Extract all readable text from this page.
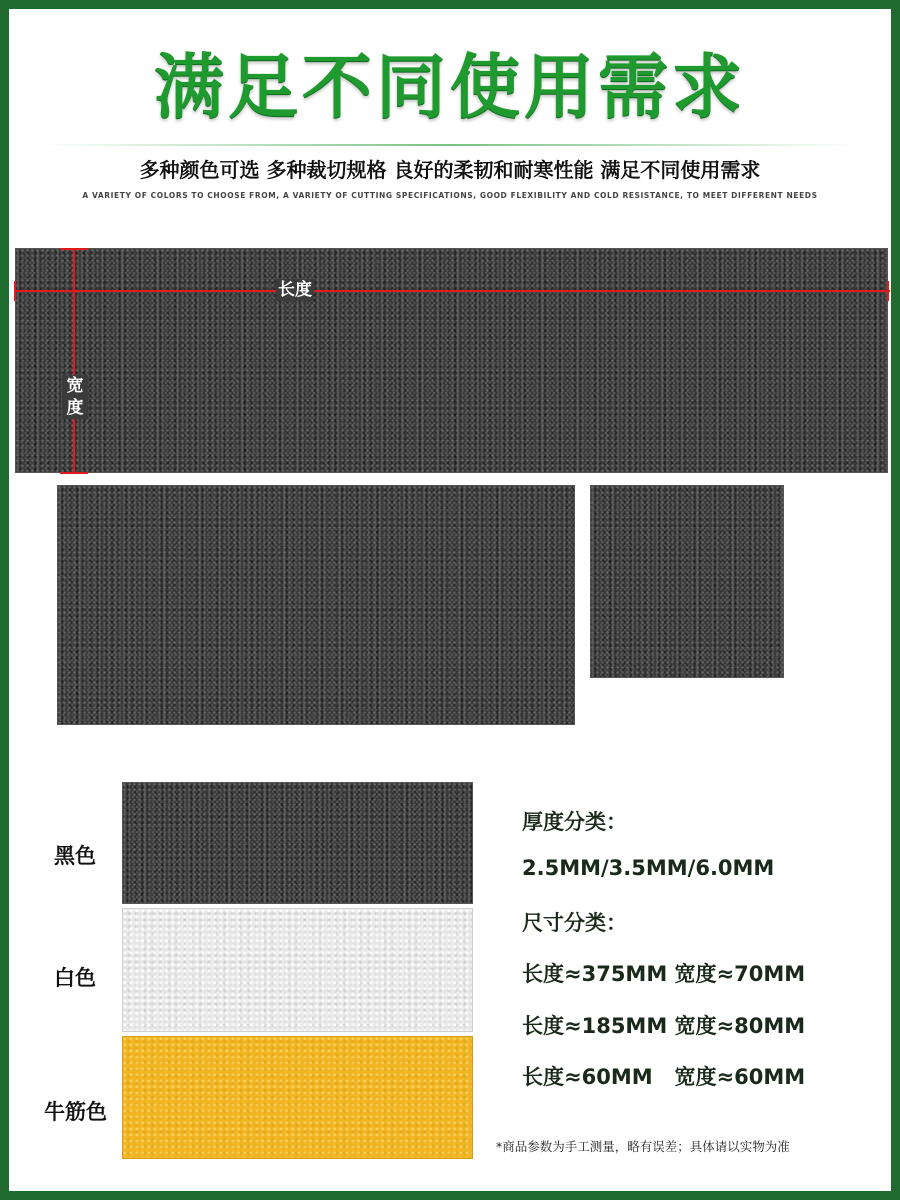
满足不同使用需求
多种颜色可选 多种裁切规格 良好的柔韧和耐寒性能 满足不同使用需求
A VARIETY OF COLORS TO CHOOSE FROM, A VARIETY OF CUTTING SPECIFICATIONS, GOOD FLEXIBILITY AND COLD RESISTANCE, TO MEET DIFFERENT NEEDS
长度
宽度
黑色
白色
牛筋色
厚度分类：
2.5MM/3.5MM/6.0MM
尺寸分类：
长度≈375MM 宽度≈70MM
长度≈185MM 宽度≈80MM
长度≈60MM   宽度≈60MM
*商品参数为手工测量，略有误差；具体请以实物为准
